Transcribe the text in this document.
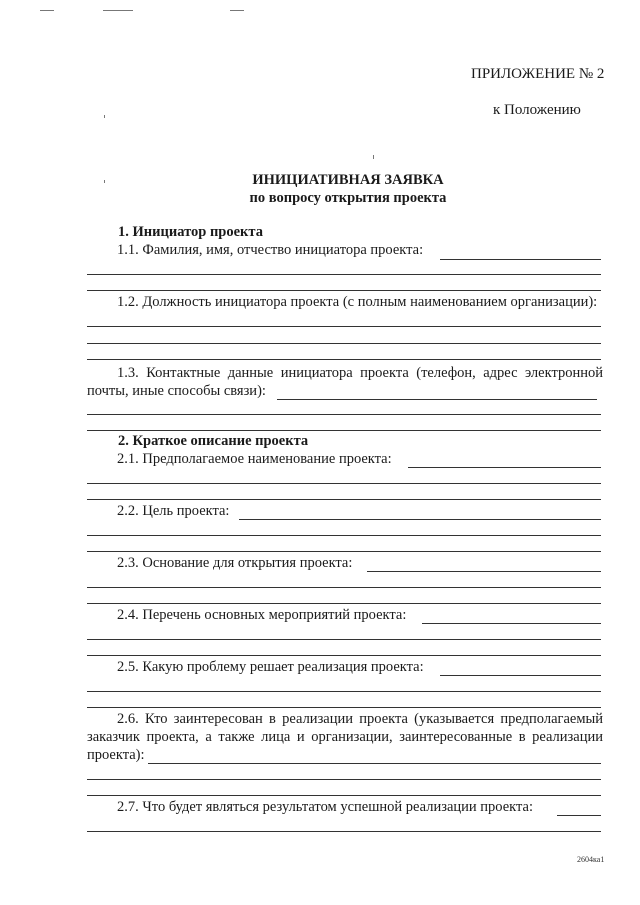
ПРИЛОЖЕНИЕ № 2
к Положению
ИНИЦИАТИВНАЯ ЗАЯВКА
по вопросу открытия проекта
1. Инициатор проекта
1.1. Фамилия, имя, отчество инициатора проекта:
1.2. Должность инициатора проекта (с полным наименованием организации):
1.3. Контактные данные инициатора проекта (телефон, адрес электронной
почты, иные способы связи):
2. Краткое описание проекта
2.1. Предполагаемое наименование проекта:
2.2. Цель проекта:
2.3. Основание для открытия проекта:
2.4. Перечень основных мероприятий проекта:
2.5. Какую проблему решает реализация проекта:
2.6. Кто заинтересован в реализации проекта (указывается предполагаемый
заказчик проекта, а также лица и организации, заинтересованные в реализации
проекта):
2.7. Что будет являться результатом успешной реализации проекта:
2604ка1
